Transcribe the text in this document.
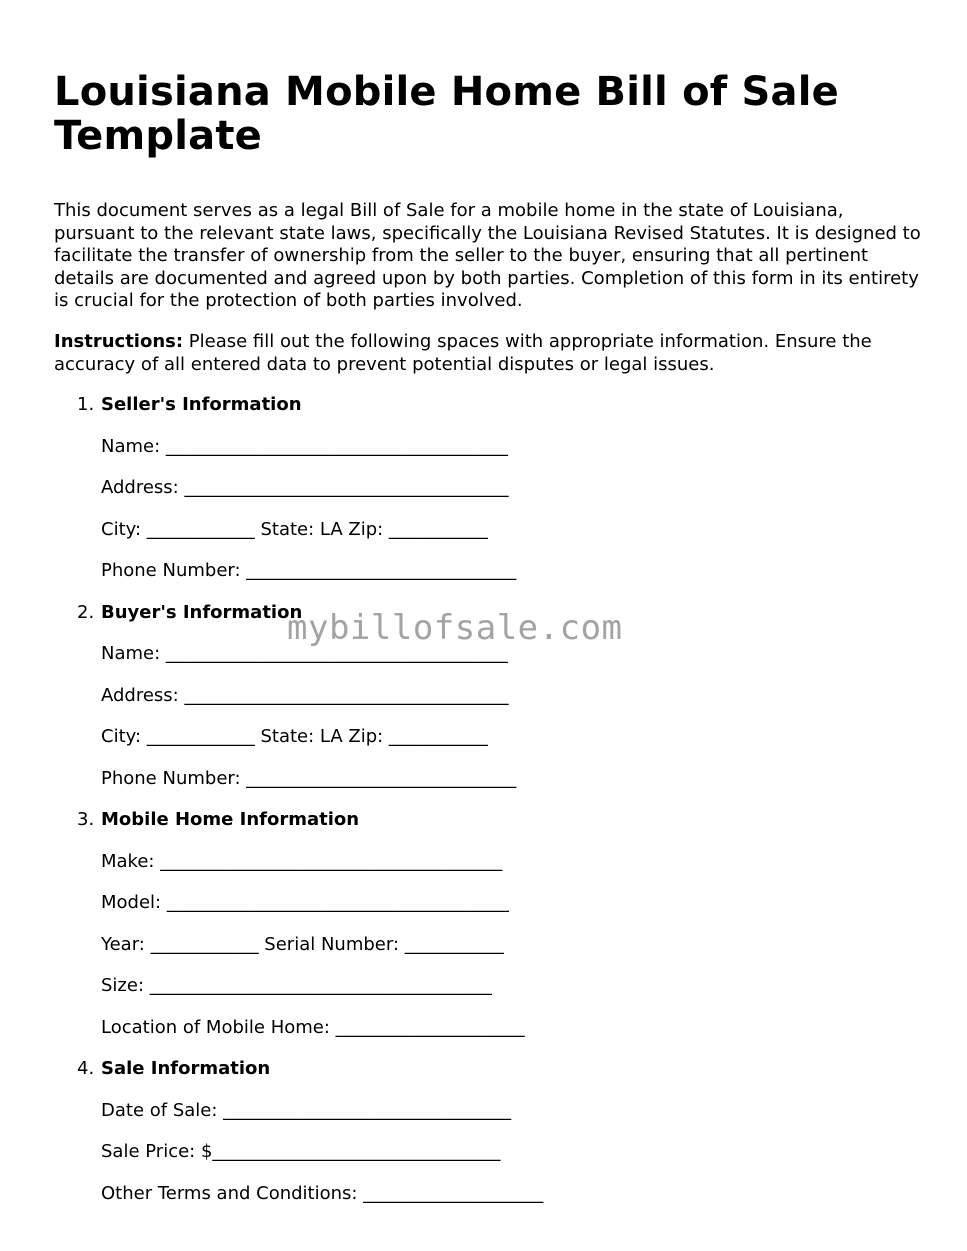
Louisiana Mobile Home Bill of Sale Template

This document serves as a legal Bill of Sale for a mobile home in the state of Louisiana, pursuant to the relevant state laws, specifically the Louisiana Revised Statutes. It is designed to facilitate the transfer of ownership from the seller to the buyer, ensuring that all pertinent details are documented and agreed upon by both parties. Completion of this form in its entirety is crucial for the protection of both parties involved.

Instructions: Please fill out the following spaces with appropriate information. Ensure the accuracy of all entered data to prevent potential disputes or legal issues.

1. Seller's Information
Name: ______________________________________
Address: ____________________________________
City: ____________ State: LA Zip: ___________
Phone Number: ______________________________
2. Buyer's Information
Name: ______________________________________
Address: ____________________________________
City: ____________ State: LA Zip: ___________
Phone Number: ______________________________
3. Mobile Home Information
Make: ______________________________________
Model: ______________________________________
Year: ____________ Serial Number: ___________
Size: ______________________________________
Location of Mobile Home: _____________________
4. Sale Information
Date of Sale: ________________________________
Sale Price: $________________________________
Other Terms and Conditions: ____________________
mybillofsale.com
